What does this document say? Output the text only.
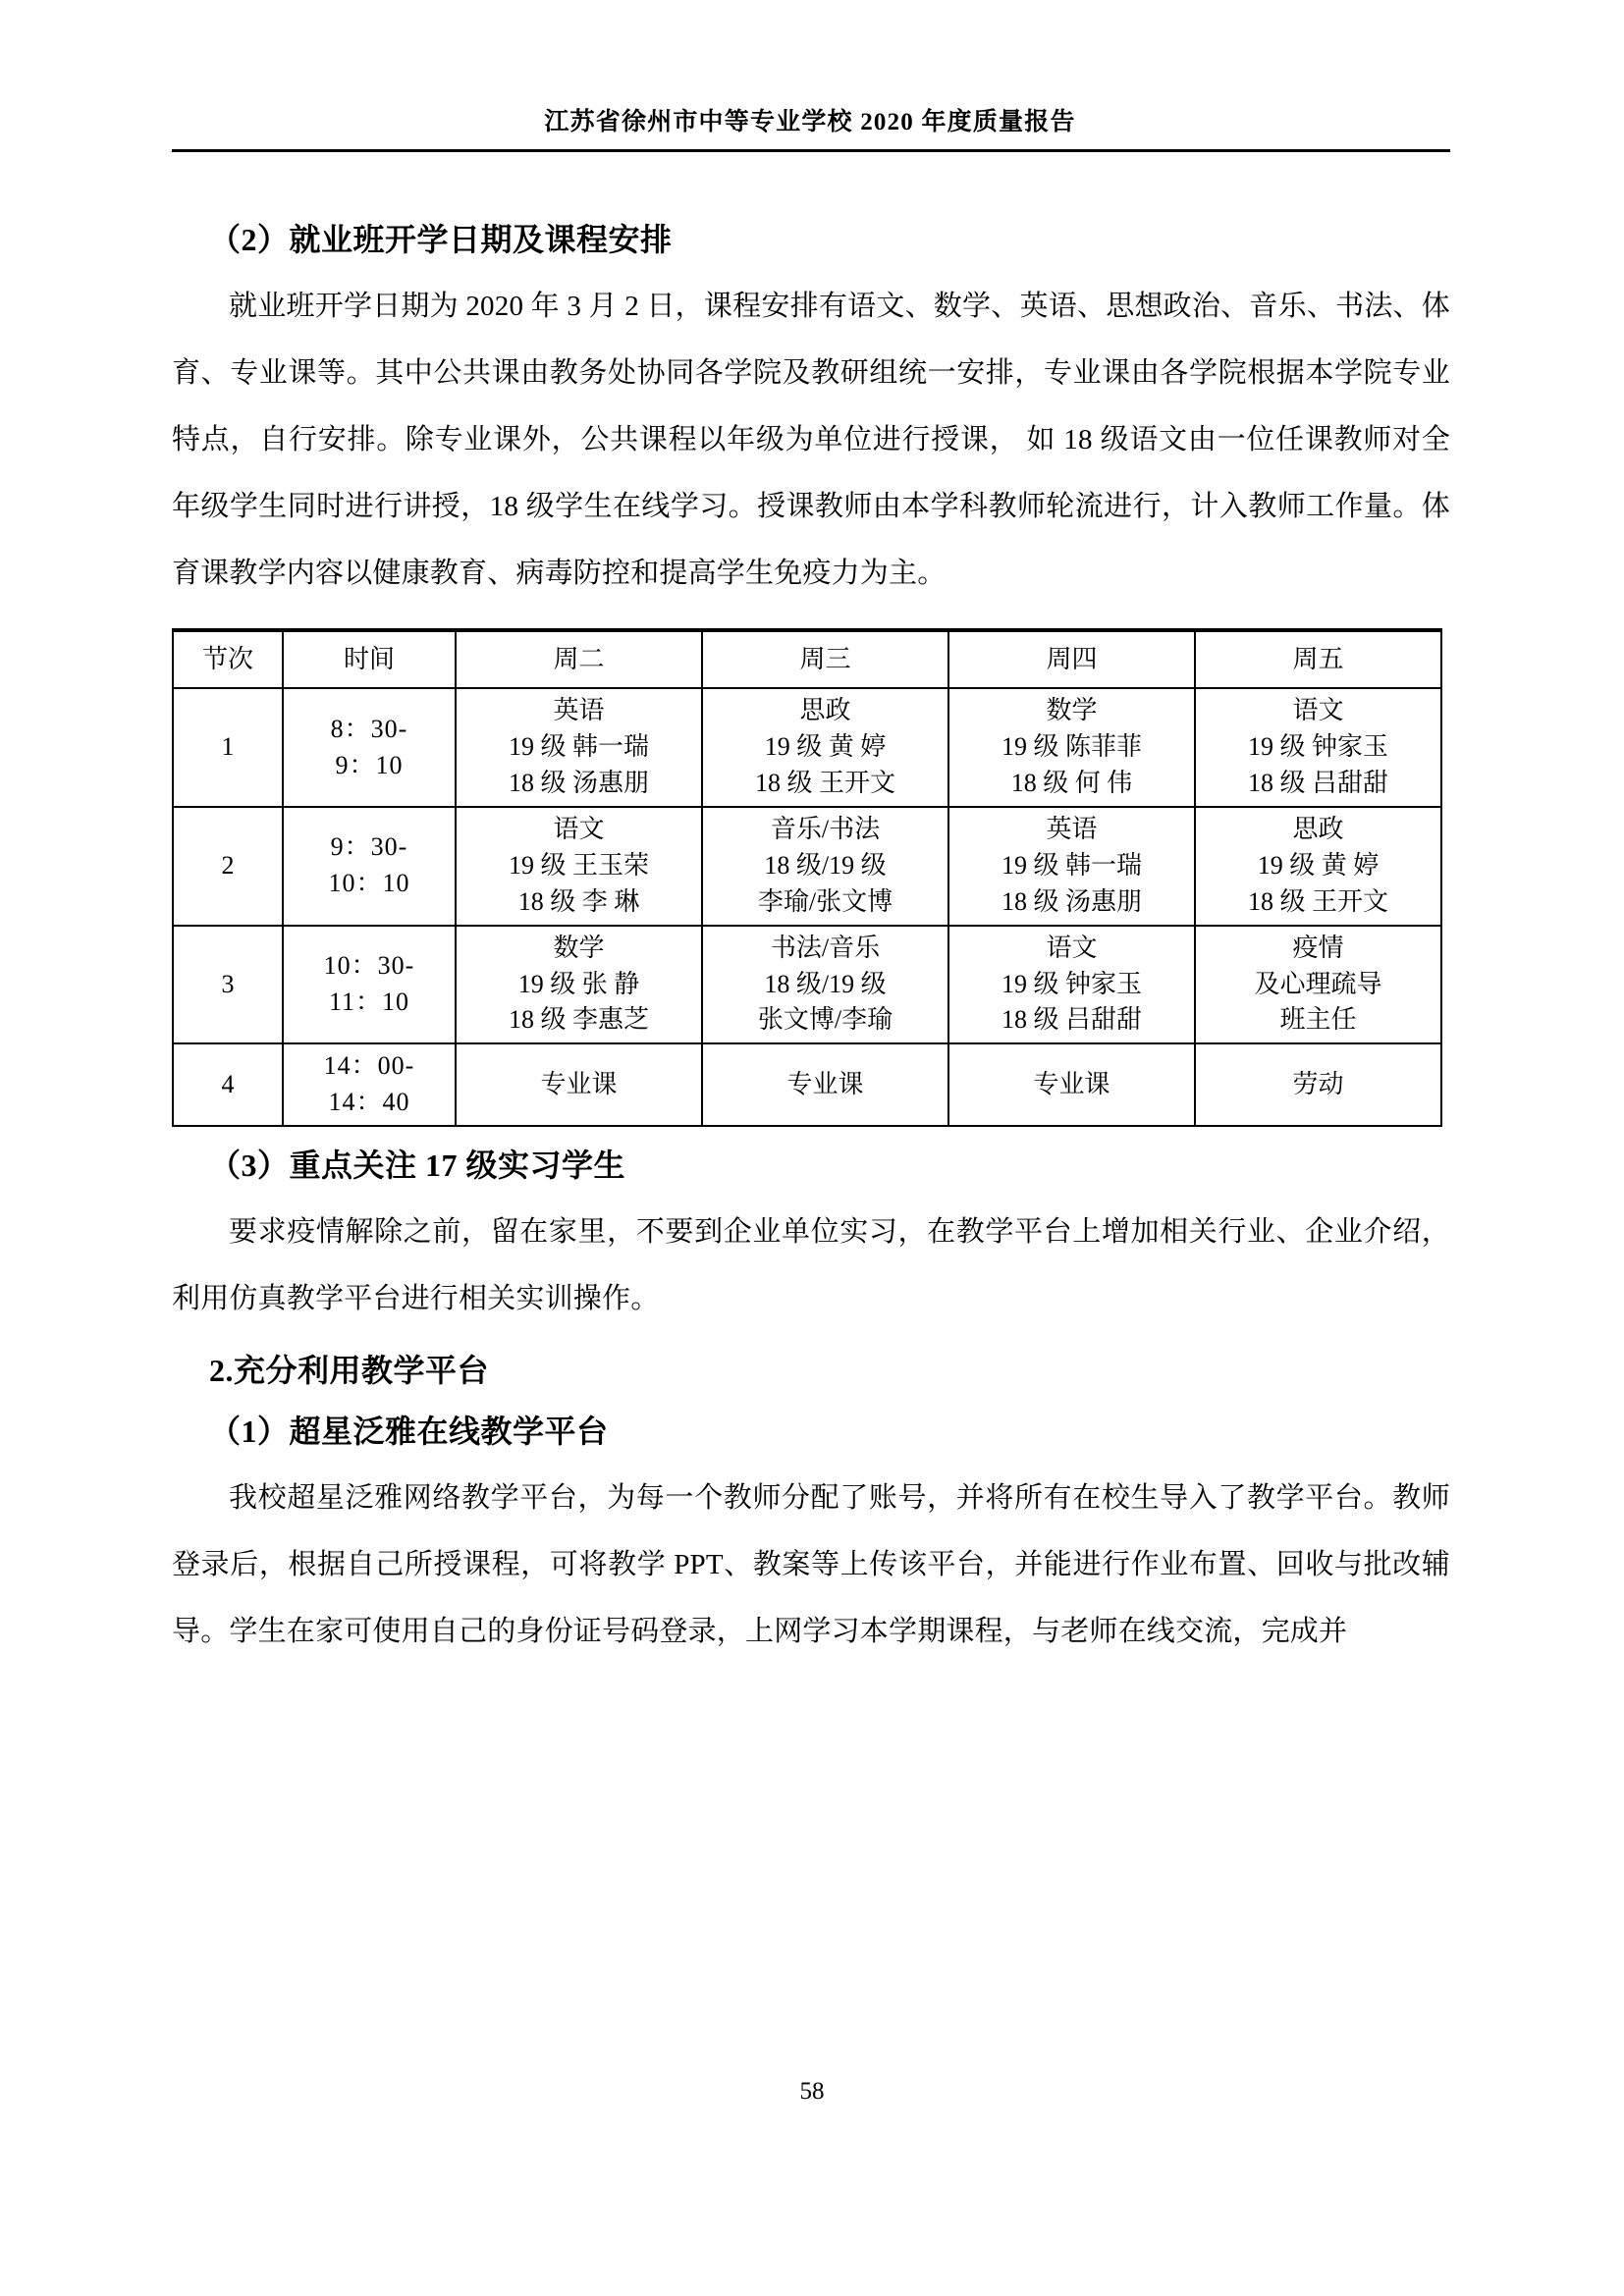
江苏省徐州市中等专业学校 2020 年度质量报告
（2）就业班开学日期及课程安排

就业班开学日期为 2020 年 3 月 2 日，课程安排有语文、数学、英语、思想政治、音乐、书法、体育、专业课等。其中公共课由教务处协同各学院及教研组统一安排，专业课由各学院根据本学院专业特点，自行安排。除专业课外，公共课程以年级为单位进行授课， 如 18 级语文由一位任课教师对全年级学生同时进行讲授，18 级学生在线学习。授课教师由本学科教师轮流进行，计入教师工作量。体育课教学内容以健康教育、病毒防控和提高学生免疫力为主。

节次	时间	周二	周三	周四	周五
1	8：30-
9：10	英语
19 级 韩一瑞
18 级 汤惠朋	思政
19 级 黄 婷
18 级 王开文	数学
19 级 陈菲菲
18 级 何 伟	语文
19 级 钟家玉
18 级 吕甜甜

2	9：30-
10：10	语文
19 级 王玉荣
18 级 李 琳	音乐/书法
18 级/19 级
李瑜/张文博	英语
19 级 韩一瑞
18 级 汤惠朋	思政
19 级 黄 婷
18 级 王开文

3	10：30-
11：10	数学
19 级 张 静
18 级 李惠芝	书法/音乐
18 级/19 级
张文博/李瑜	语文
19 级 钟家玉
18 级 吕甜甜	疫情
及心理疏导
班主任

4	14：00-
14：40	专业课	专业课	专业课	劳动
（3）重点关注 17 级实习学生

要求疫情解除之前，留在家里，不要到企业单位实习，在教学平台上增加相关行业、企业介绍，利用仿真教学平台进行相关实训操作。

2.充分利用教学平台
（1）超星泛雅在线教学平台

我校超星泛雅网络教学平台，为每一个教师分配了账号，并将所有在校生导入了教学平台。教师登录后，根据自己所授课程，可将教学 PPT、教案等上传该平台，并能进行作业布置、回收与批改辅导。学生在家可使用自己的身份证号码登录，上网学习本学期课程，与老师在线交流，完成并

58
